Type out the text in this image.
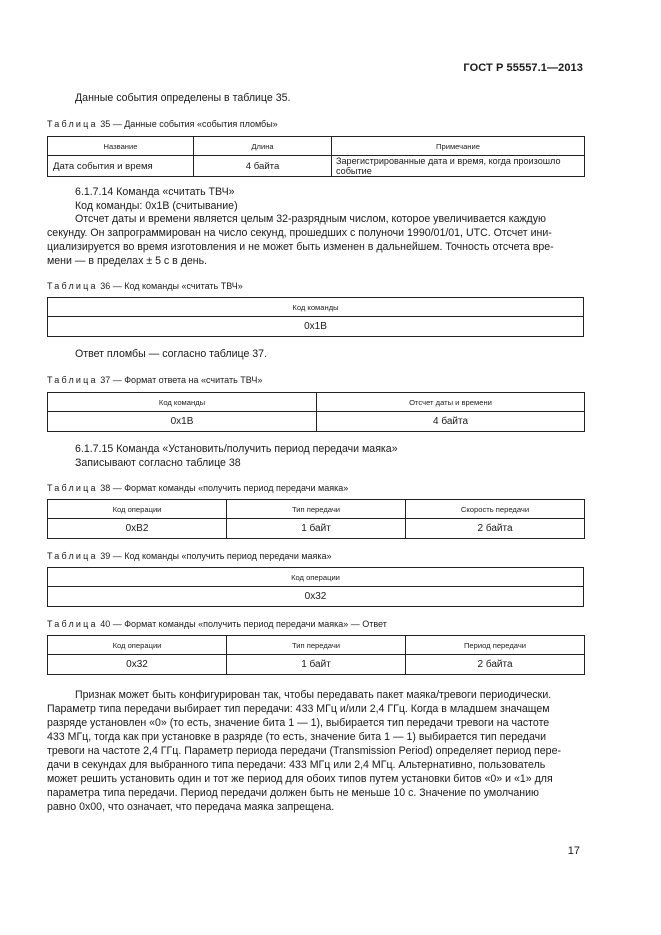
ГОСТ Р 55557.1—2013
Данные события определены в таблице 35.
Таблица 35 — Данные события «события пломбы»
Название	Длина	Примечание
Дата события и время	4 байта	Зарегистрированные дата и время, когда произошло событие
6.1.7.14 Команда «считать ТВЧ»
Код команды: 0x1B (считывание)
Отсчет даты и времени является целым 32-разрядным числом, которое увеличивается каждую
секунду. Он запрограммирован на число секунд, прошедших с полуночи 1990/01/01, UTC. Отсчет ини-
циализируется во время изготовления и не может быть изменен в дальнейшем. Точность отсчета вре-
мени — в пределах ± 5 с в день.
Таблица 36 — Код команды «считать ТВЧ»
Код команды
0x1B
Ответ пломбы — согласно таблице 37.
Таблица 37 — Формат ответа на «считать ТВЧ»
Код команды	Отсчет даты и времени
0x1B	4 байта
6.1.7.15 Команда «Установить/получить период передачи маяка»
Записывают согласно таблице 38
Таблица 38 — Формат команды «получить период передачи маяка»
Код операции	Тип передачи	Скорость передачи
0xB2	1 байт	2 байта
Таблица 39 — Код команды «получить период передачи маяка»
Код операции
0x32
Таблица 40 — Формат команды «получить период передачи маяка» — Ответ
Код операции	Тип передачи	Период передачи
0x32	1 байт	2 байта
Признак может быть конфигурирован так, чтобы передавать пакет маяка/тревоги периодически.
Параметр типа передачи выбирает тип передачи: 433 МГц и/или 2,4 ГГц. Когда в младшем значащем
разряде установлен «0» (то есть, значение бита 1 — 1), выбирается тип передачи тревоги на частоте
433 МГц, тогда как при установке в разряде (то есть, значение бита 1 — 1) выбирается тип передачи
тревоги на частоте 2,4 ГГц. Параметр периода передачи (Transmission Period) определяет период пере-
дачи в секундах для выбранного типа передачи: 433 МГц или 2,4 МГц. Альтернативно, пользователь
может решить установить один и тот же период для обоих типов путем установки битов «0» и «1» для
параметра типа передачи. Период передачи должен быть не меньше 10 с. Значение по умолчанию
равно 0x00, что означает, что передача маяка запрещена.
17
